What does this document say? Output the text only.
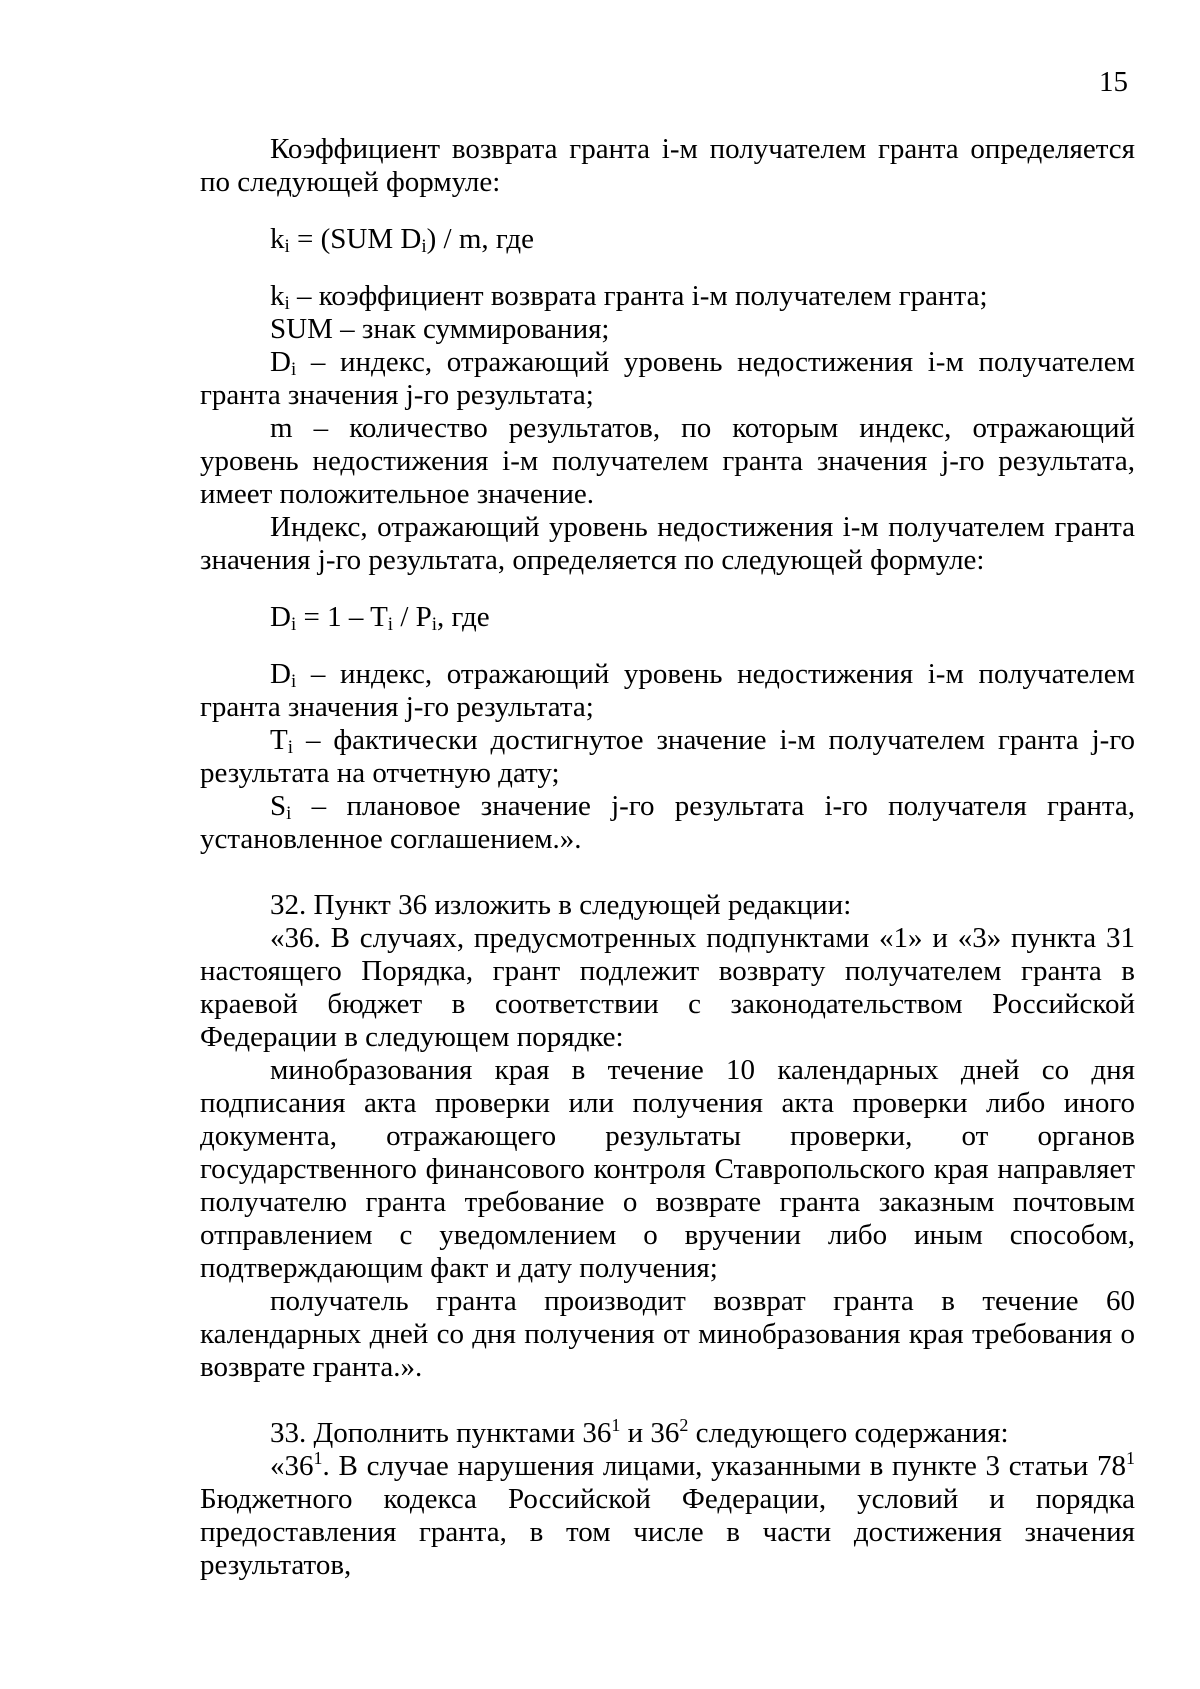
15

Коэффициент возврата гранта i-м получателем гранта определяется по следующей формуле:

$k_i = (SUM$ $D_i$) / m, где

$k_i$ – коэффициент возврата гранта i-м получателем гранта;

SUM – знак суммирования;

$D_i$ – индекс, отражающий уровень недостижения i-м получателем гранта значения j-го результата;

m – количество результатов, по которым индекс, отражающий уровень недостижения i-м получателем гранта значения j-го результата, имеет положительное значение.

Индекс, отражающий уровень недостижения i-м получателем гранта значения j-го результата, определяется по следующей формуле:

$D_i = 1 - T_i / P_i$, где

$D_i$ – индекс, отражающий уровень недостижения i-м получателем гранта значения j-го результата;

$T_i$ – фактически достигнутое значение i-м получателем гранта j-го результата на отчетную дату;

$S_i$ – плановое значение j-го результата i-го получателя гранта, установленное соглашением.».

32. Пункт 36 изложить в следующей редакции:

«36. В случаях, предусмотренных подпунктами «1» и «3» пункта 31 настоящего Порядка, грант подлежит возврату получателем гранта в краевой бюджет в соответствии с законодательством Российской Федерации в следующем порядке:

минобразования края в течение 10 календарных дней со дня подписания акта проверки или получения акта проверки либо иного документа, отражающего результаты проверки, от органов государственного финансового контроля Ставропольского края направляет получателю гранта требование о возврате гранта заказным почтовым отправлением с уведомлением о вручении либо иным способом, подтверждающим факт и дату получения;

получатель гранта производит возврат гранта в течение 60 календарных дней со дня получения от минобразования края требования о возврате гранта.».

33. Дополнить пунктами $36^1$ и $36^2$ следующего содержания:

«$36^1$. В случае нарушения лицами, указанными в пункте 3 статьи $78^1$ Бюджетного кодекса Российской Федерации, условий и порядка предоставления гранта, в том числе в части достижения значения результатов,
